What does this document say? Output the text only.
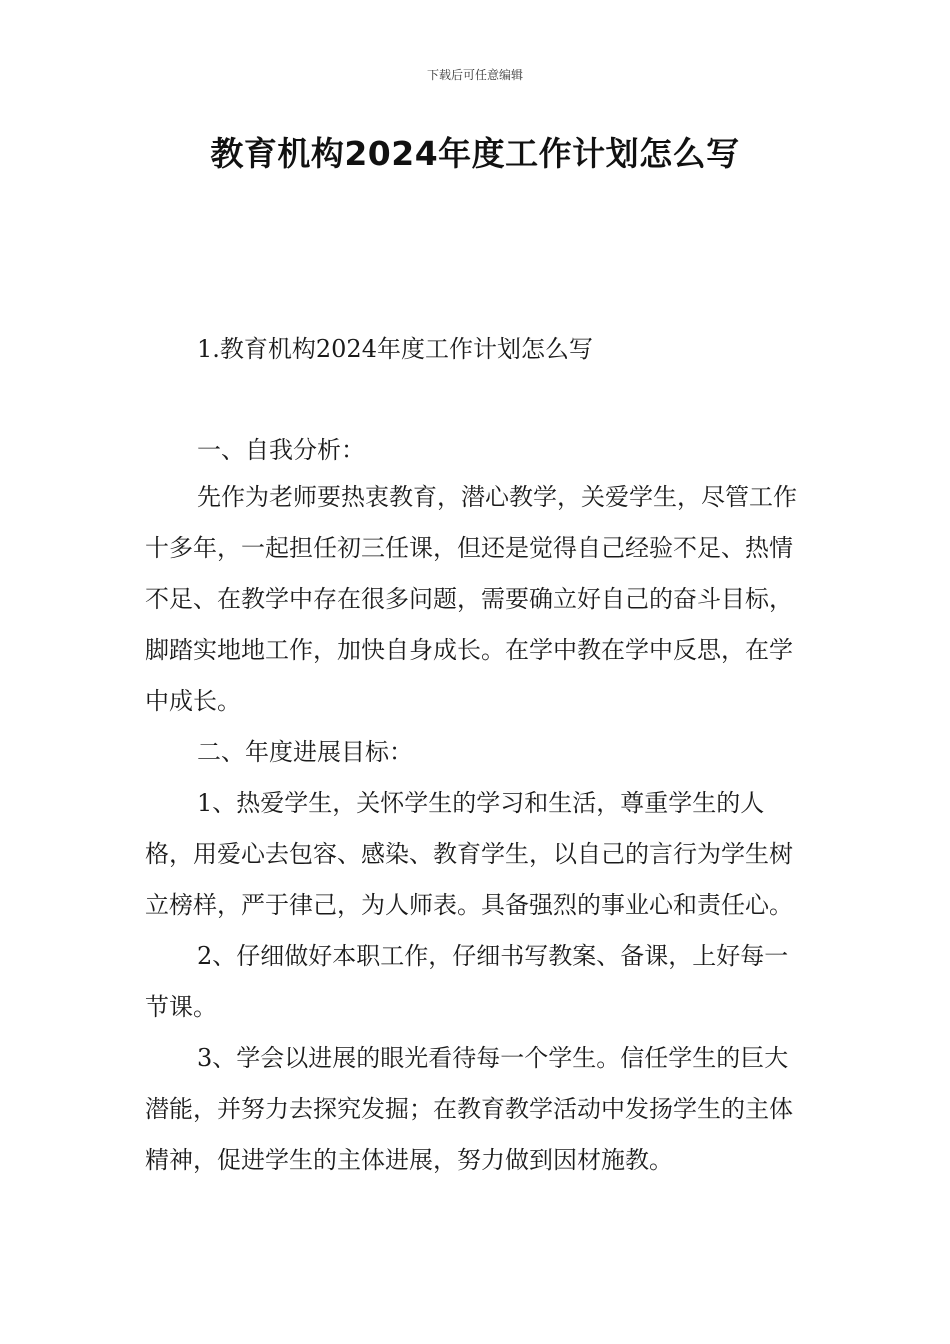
下载后可任意编辑
教育机构2024年度工作计划怎么写

1.教育机构2024年度工作计划怎么写

一、自我分析：

先作为老师要热衷教育，潜心教学，关爱学生，尽管工作十多年，一起担任初三任课，但还是觉得自己经验不足、热情不足、在教学中存在很多问题，需要确立好自己的奋斗目标，脚踏实地地工作，加快自身成长。在学中教在学中反思，在学中成长。

二、年度进展目标：

1、热爱学生，关怀学生的学习和生活，尊重学生的人格，用爱心去包容、感染、教育学生，以自己的言行为学生树立榜样，严于律己，为人师表。具备强烈的事业心和责任心。

2、仔细做好本职工作，仔细书写教案、备课，上好每一节课。

3、学会以进展的眼光看待每一个学生。信任学生的巨大潜能，并努力去探究发掘；在教育教学活动中发扬学生的主体精神，促进学生的主体进展，努力做到因材施教。
